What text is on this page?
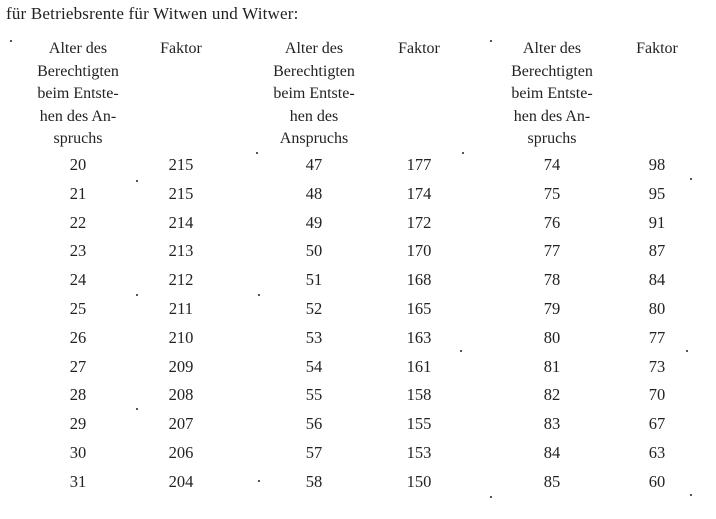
für Betriebsrente für Witwen und Witwer:
Alter des
Berechtigten
beim Entste-
hen des An-
spruchs
Faktor	Alter des
Berechtigten
beim Entste-
hen des
Anspruchs
Faktor	Alter des
Berechtigten
beim Entste-
hen des An-
spruchs
Faktor
20	215	47	177	74	98
21	215	48	174	75	95
22	214	49	172	76	91
23	213	50	170	77	87
24	212	51	168	78	84
25	211	52	165	79	80
26	210	53	163	80	77
27	209	54	161	81	73
28	208	55	158	82	70
29	207	56	155	83	67
30	206	57	153	84	63
31	204	58	150	85	60
